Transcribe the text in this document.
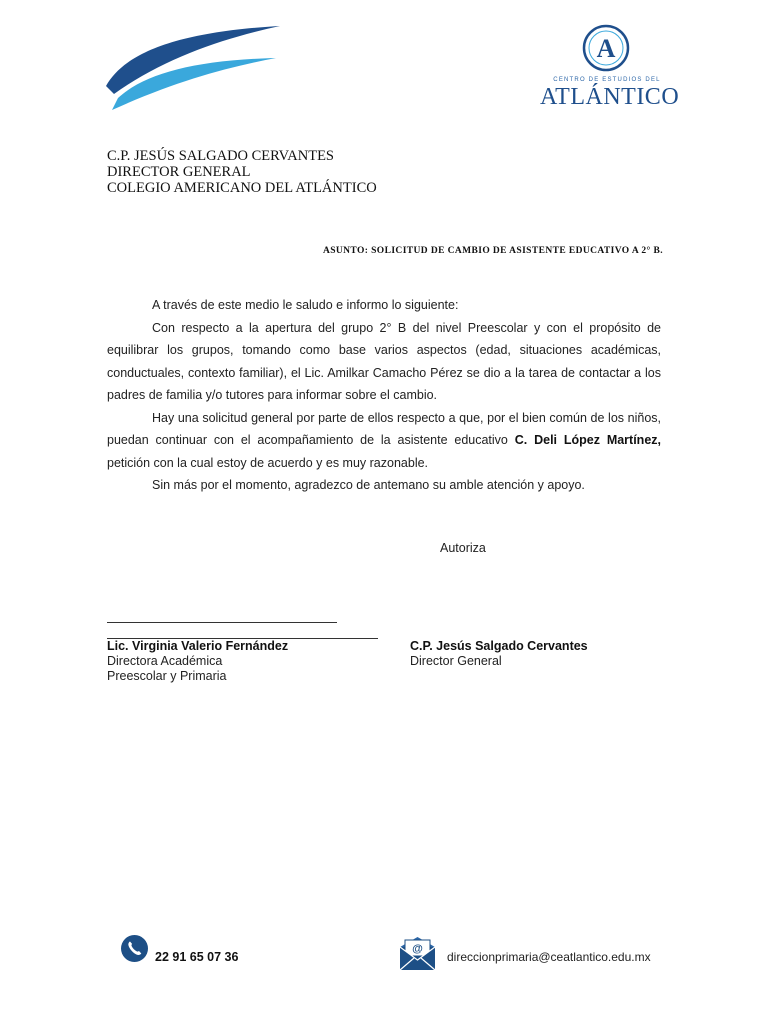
A
CENTRO DE ESTUDIOS DEL
ATLÁNTICO
C.P. JESÚS SALGADO CERVANTES
DIRECTOR GENERAL
COLEGIO AMERICANO DEL ATLÁNTICO
ASUNTO: SOLICITUD DE CAMBIO DE ASISTENTE EDUCATIVO A 2° B.

A través de este medio le saludo e informo lo siguiente:

Con respecto a la apertura del grupo 2° B del nivel Preescolar y con el propósito de equilibrar los grupos, tomando como base varios aspectos (edad, situaciones académicas, conductuales, contexto familiar), el Lic. Amilkar Camacho Pérez se dio a la tarea de contactar a los padres de familia y/o tutores para informar sobre el cambio.

Hay una solicitud general por parte de ellos respecto a que, por el bien común de los niños, puedan continuar con el acompañamiento de la asistente educativo C. Deli López Martínez, petición con la cual estoy de acuerdo y es muy razonable.

Sin más por el momento, agradezco de antemano su amble atención y apoyo.

Autoriza
Lic. Virginia Valerio Fernández
Directora Académica
Preescolar y Primaria
C.P. Jesús Salgado Cervantes
Director General
22 91 65 07 36
@
direccionprimaria@ceatlantico.edu.mx
